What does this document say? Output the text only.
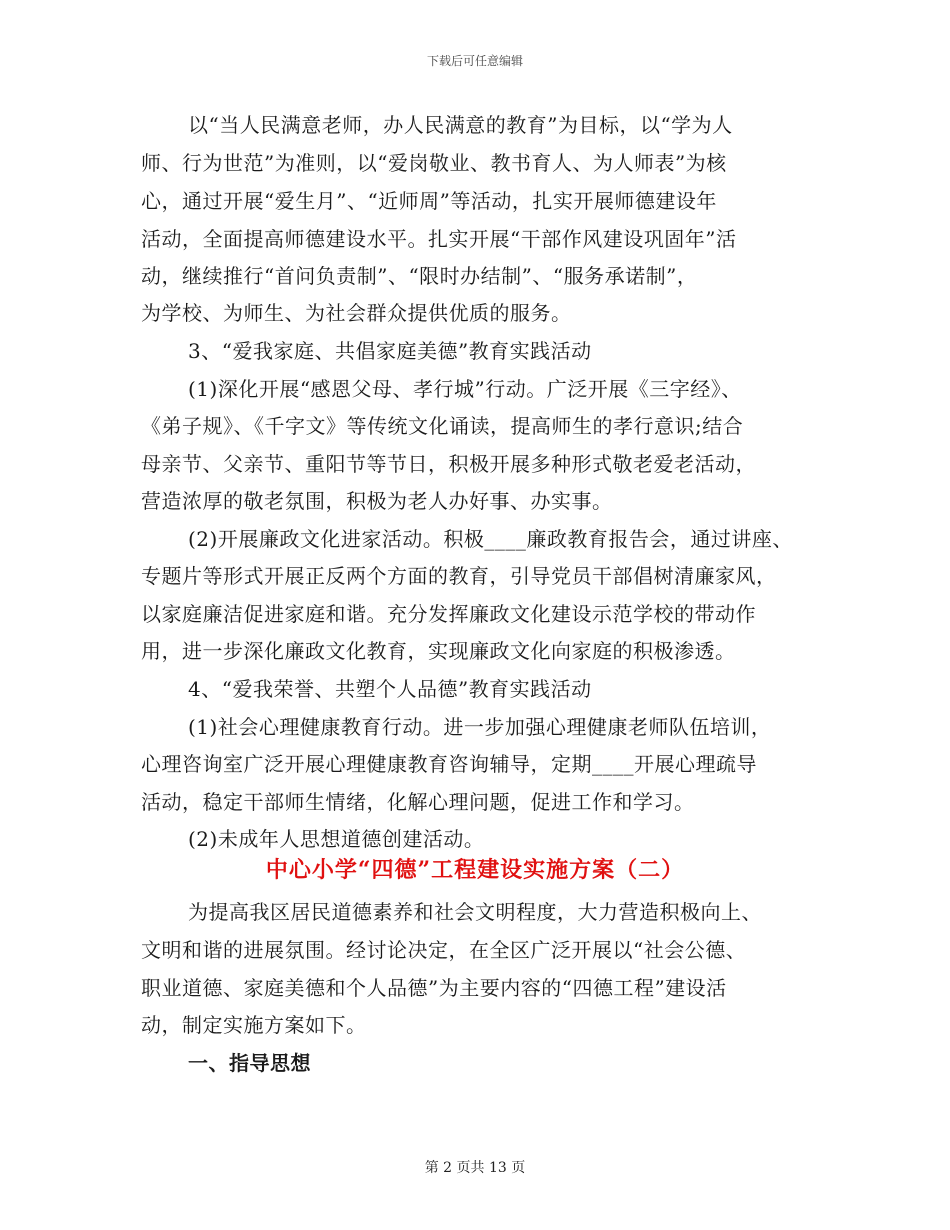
下载后可任意编辑
以“当人民满意老师，办人民满意的教育”为目标，以“学为人
师、行为世范”为准则，以“爱岗敬业、教书育人、为人师表”为核
心，通过开展“爱生月”、“近师周”等活动，扎实开展师德建设年
活动，全面提高师德建设水平。扎实开展“干部作风建设巩固年”活
动，继续推行“首问负责制”、“限时办结制”、“服务承诺制”，
为学校、为师生、为社会群众提供优质的服务。
3、“爱我家庭、共倡家庭美德”教育实践活动
(1)深化开展“感恩父母、孝行城”行动。广泛开展《三字经》、
《弟子规》、《千字文》等传统文化诵读，提高师生的孝行意识;结合
母亲节、父亲节、重阳节等节日，积极开展多种形式敬老爱老活动，
营造浓厚的敬老氛围，积极为老人办好事、办实事。
(2)开展廉政文化进家活动。积极____廉政教育报告会，通过讲座、
专题片等形式开展正反两个方面的教育，引导党员干部倡树清廉家风，
以家庭廉洁促进家庭和谐。充分发挥廉政文化建设示范学校的带动作
用，进一步深化廉政文化教育，实现廉政文化向家庭的积极渗透。
4、“爱我荣誉、共塑个人品德”教育实践活动
(1)社会心理健康教育行动。进一步加强心理健康老师队伍培训，
心理咨询室广泛开展心理健康教育咨询辅导，定期____开展心理疏导
活动，稳定干部师生情绪，化解心理问题，促进工作和学习。
(2)未成年人思想道德创建活动。
中心小学“四德”工程建设实施方案（二）
为提高我区居民道德素养和社会文明程度，大力营造积极向上、
文明和谐的进展氛围。经讨论决定，在全区广泛开展以“社会公德、
职业道德、家庭美德和个人品德”为主要内容的“四德工程”建设活
动，制定实施方案如下。
一、指导思想
第 2 页共 13 页
